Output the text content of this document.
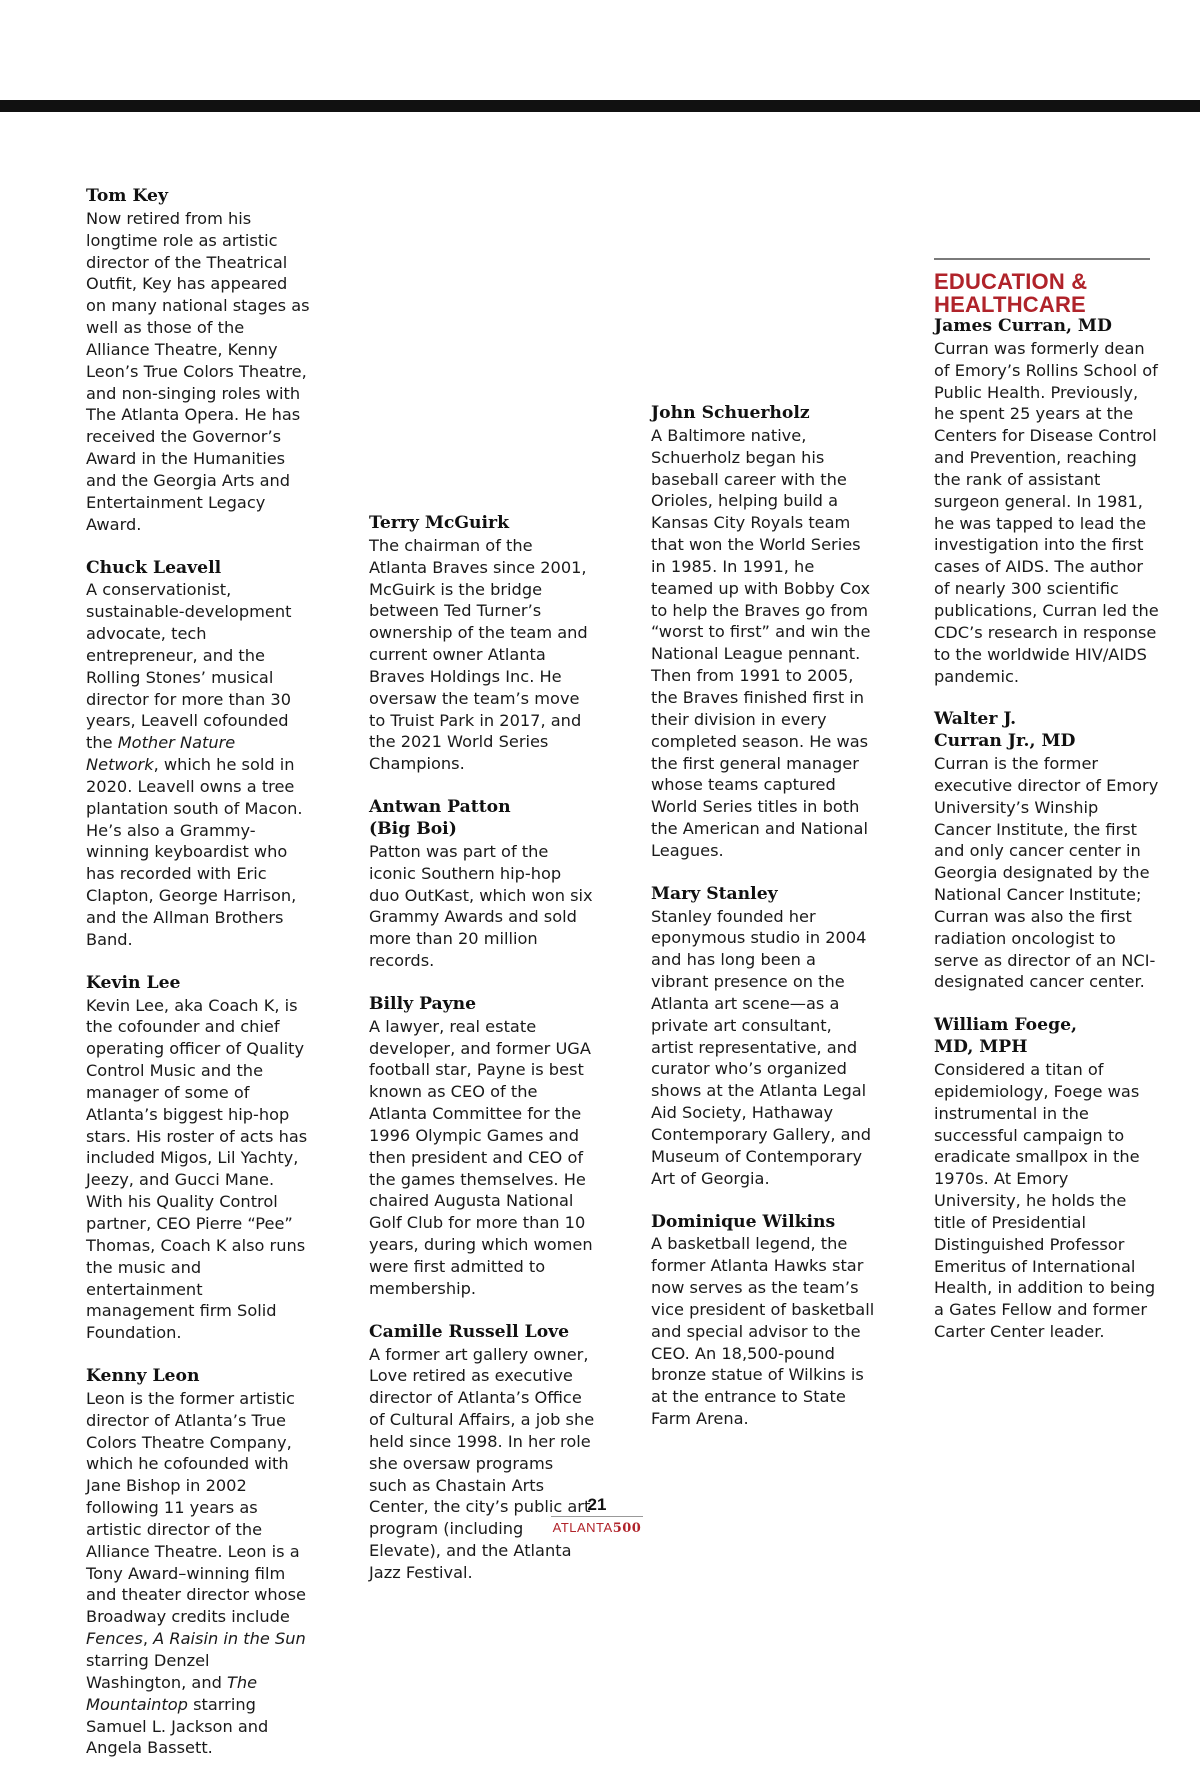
Tom Key
Now retired from his longtime role as artistic director of the Theatrical Outfit, Key has appeared on many national stages as well as those of the Alliance Theatre, Kenny Leon’s True Colors Theatre, and non-singing roles with The Atlanta Opera. He has received the Governor’s Award in the Humanities and the Georgia Arts and Entertainment Legacy Award.
Chuck Leavell
A conservationist, sustainable-development advocate, tech entrepreneur, and the Rolling Stones’ musical director for more than 30 years, Leavell cofounded the Mother Nature Network, which he sold in 2020. Leavell owns a tree plantation south of Macon. He’s also a Grammy-winning keyboardist who has recorded with Eric Clapton, George Harrison, and the Allman Brothers Band.
Kevin Lee
Kevin Lee, aka Coach K, is the cofounder and chief operating officer of Quality Control Music and the manager of some of Atlanta’s biggest hip-hop stars. His roster of acts has included Migos, Lil Yachty, Jeezy, and Gucci Mane. With his Quality Control partner, CEO Pierre “Pee” Thomas, Coach K also runs the music and entertainment management firm Solid Foundation.
Kenny Leon
Leon is the former artistic director of Atlanta’s True Colors Theatre Company, which he cofounded with Jane Bishop in 2002 following 11 years as artistic director of the Alliance Theatre. Leon is a Tony Award–winning film and theater director whose Broadway credits include Fences, A Raisin in the Sun starring Denzel Washington, and The Mountaintop starring Samuel L. Jackson and Angela Bassett.
Terry McGuirk
The chairman of the Atlanta Braves since 2001, McGuirk is the bridge between Ted Turner’s ownership of the team and current owner Atlanta Braves Holdings Inc. He oversaw the team’s move to Truist Park in 2017, and the 2021 World Series Champions.
Antwan Patton
(Big Boi)
Patton was part of the iconic Southern hip-hop duo OutKast, which won six Grammy Awards and sold more than 20 million records.
Billy Payne
A lawyer, real estate developer, and former UGA football star, Payne is best known as CEO of the Atlanta Committee for the 1996 Olympic Games and then president and CEO of the games themselves. He chaired Augusta National Golf Club for more than 10 years, during which women were first admitted to membership.
Camille Russell Love
A former art gallery owner, Love retired as executive director of Atlanta’s Office of Cultural Affairs, a job she held since 1998. In her role she oversaw programs such as Chastain Arts Center, the city’s public art program (including Elevate), and the Atlanta Jazz Festival.
John Schuerholz
A Baltimore native, Schuerholz began his baseball career with the Orioles, helping build a Kansas City Royals team that won the World Series in 1985. In 1991, he teamed up with Bobby Cox to help the Braves go from “worst to first” and win the National League pennant. Then from 1991 to 2005, the Braves finished first in their division in every completed season. He was the first general manager whose teams captured World Series titles in both the American and National Leagues.
Mary Stanley
Stanley founded her eponymous studio in 2004 and has long been a vibrant presence on the Atlanta art scene—as a private art consultant, artist representative, and curator who’s organized shows at the Atlanta Legal Aid Society, Hathaway Contemporary Gallery, and Museum of Contemporary Art of Georgia.
Dominique Wilkins
A basketball legend, the former Atlanta Hawks star now serves as the team’s vice president of basketball and special advisor to the CEO. An 18,500-pound bronze statue of Wilkins is at the entrance to State Farm Arena.
EDUCATION &
HEALTHCARE
James Curran, MD
Curran was formerly dean of Emory’s Rollins School of Public Health. Previously, he spent 25 years at the Centers for Disease Control and Prevention, reaching the rank of assistant surgeon general. In 1981, he was tapped to lead the investigation into the first cases of AIDS. The author of nearly 300 scientific publications, Curran led the CDC’s research in response to the worldwide HIV/AIDS pandemic.
Walter J.
Curran Jr., MD
Curran is the former executive director of Emory University’s Winship Cancer Institute, the first and only cancer center in Georgia designated by the National Cancer Institute; Curran was also the first radiation oncologist to serve as director of an NCI-designated cancer center.
William Foege,
MD, MPH
Considered a titan of epidemiology, Foege was instrumental in the successful campaign to eradicate smallpox in the 1970s. At Emory University, he holds the title of Presidential Distinguished Professor Emeritus of International Health, in addition to being a Gates Fellow and former Carter Center leader.
21
ATLANTA500
